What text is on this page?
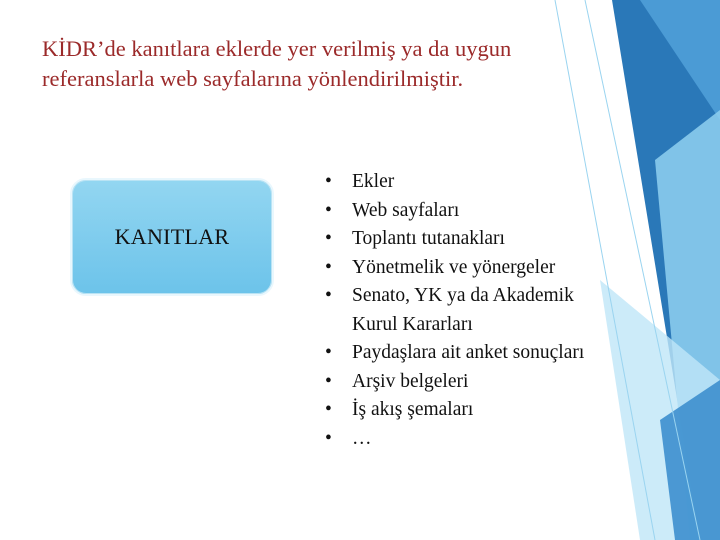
KİDR’de kanıtlara eklerde yer verilmiş ya da uygun
referanslarla web sayfalarına yönlendirilmiştir.
KANITLAR
• Ekler
• Web sayfaları
• Toplantı tutanakları
• Yönetmelik ve yönergeler
• Senato, YK ya da Akademik Kurul Kararları
• Paydaşlara ait anket sonuçları
• Arşiv belgeleri
• İş akış şemaları
• …
